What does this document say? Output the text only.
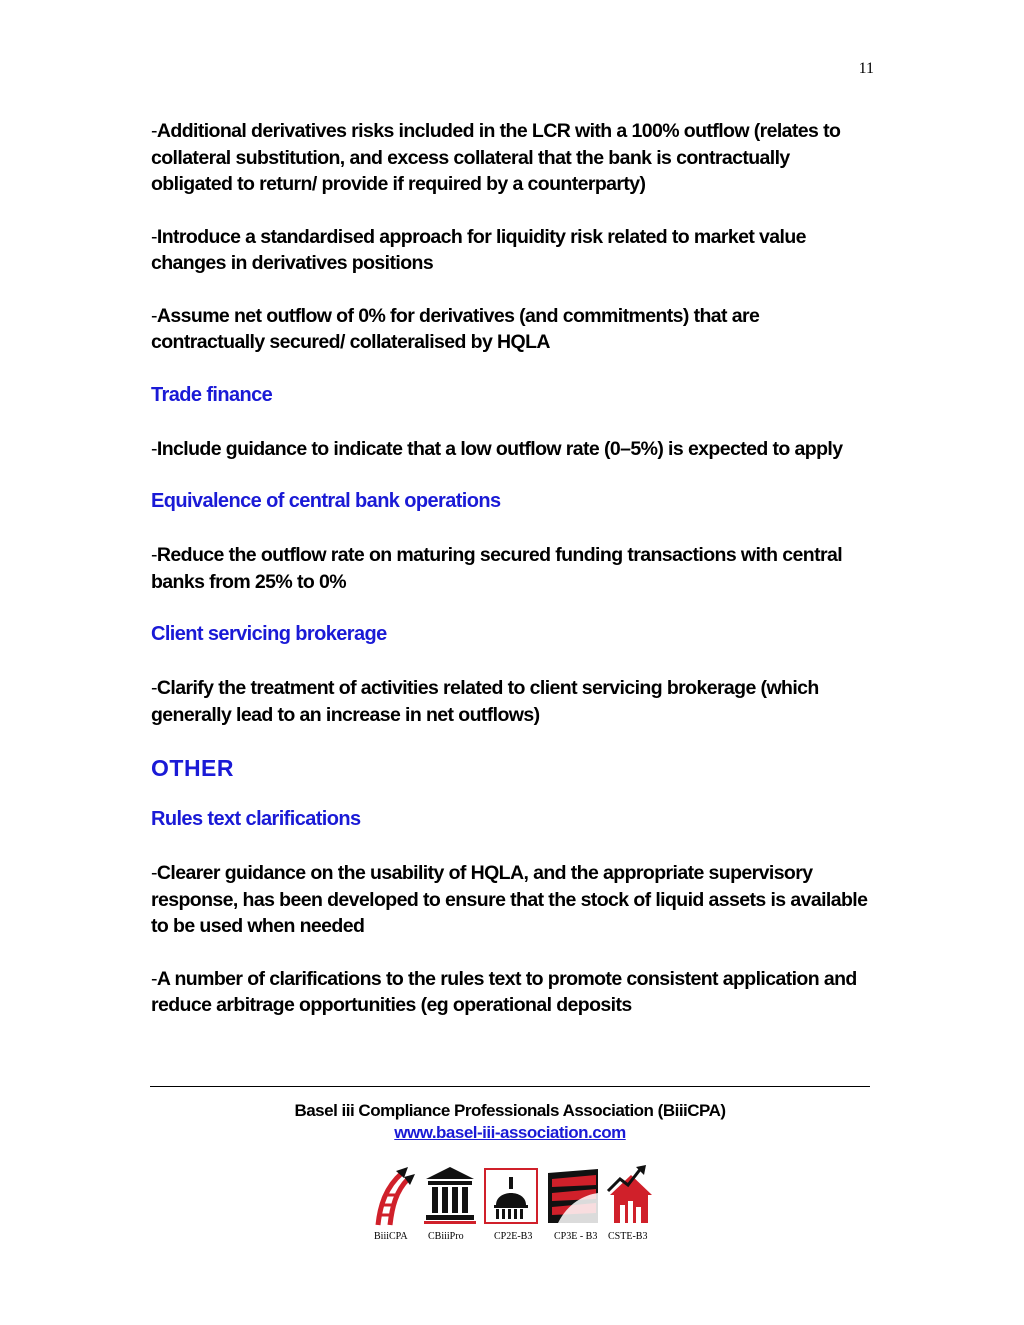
11

-Additional derivatives risks included in the LCR with a 100% outflow (relates to collateral substitution, and excess collateral that the bank is contractually obligated to return/ provide if required by a counterparty)

-Introduce a standardised approach for liquidity risk related to market value changes in derivatives positions

-Assume net outflow of 0% for derivatives (and commitments) that are contractually secured/ collateralised by HQLA

Trade finance

-Include guidance to indicate that a low outflow rate (0–5%) is expected to apply

Equivalence of central bank operations

-Reduce the outflow rate on maturing secured funding transactions with central banks from 25% to 0%

Client servicing brokerage

-Clarify the treatment of activities related to client servicing brokerage (which generally lead to an increase in net outflows)

OTHER
Rules text clarifications

-Clearer guidance on the usability of HQLA, and the appropriate supervisory response, has been developed to ensure that the stock of liquid assets is available to be used when needed

-A number of clarifications to the rules text to promote consistent application and reduce arbitrage opportunities (eg operational deposits

Basel iii Compliance Professionals Association (BiiiCPA)
www.basel-iii-association.com
BiiiCPA CBiiiPro	CP2E-B3 CP3E - B3 CSTE-B3
